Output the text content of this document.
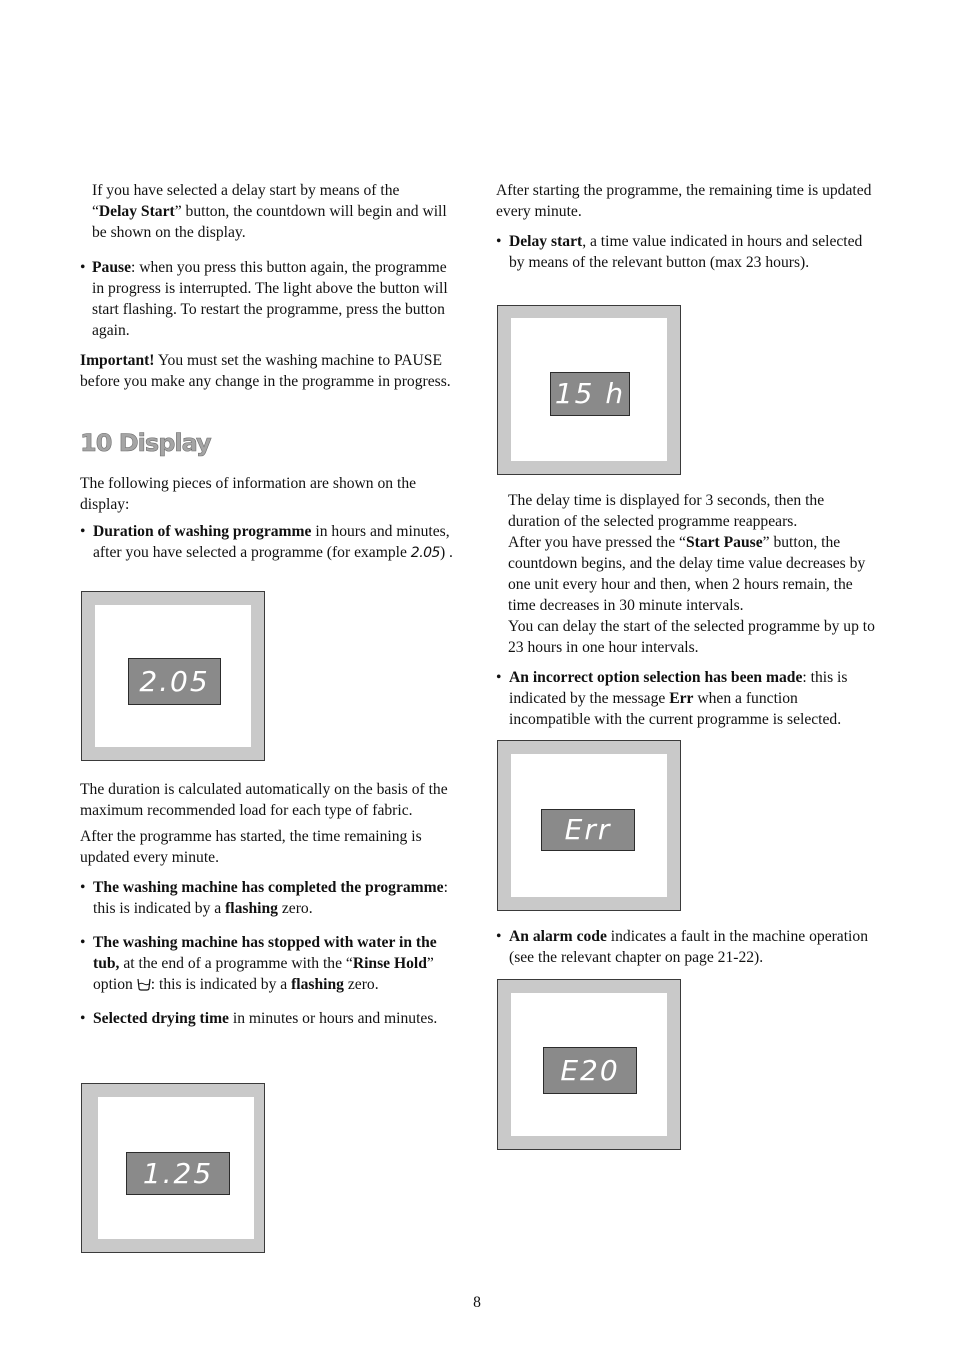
If you have selected a delay start by means of the
“Delay Start” button, the countdown will begin and will be shown on the display.

• Pause: when you press this button again, the programme in progress is interrupted. The light above the button will start flashing. To restart the programme, press the button again.

Important! You must set the washing machine to PAUSE before you make any change in the programme in progress.

10 Display

The following pieces of information are shown on the display:

• Duration of washing programme in hours and minutes, after you have selected a programme (for example 2.05) .

2.05

The duration is calculated automatically on the basis of the maximum recommended load for each type of fabric.

After the programme has started, the time remaining is updated every minute.

• The washing machine has completed the programme: this is indicated by a flashing zero.

• The washing machine has stopped with water in the tub, at the end of a programme with the “Rinse Hold” option : this is indicated by a flashing zero.

• Selected drying time in minutes or hours and minutes.

1.25

After starting the programme, the remaining time is updated every minute.

• Delay start, a time value indicated in hours and selected by means of the relevant button (max 23 hours).

15 h

The delay time is displayed for 3 seconds, then the duration of the selected programme reappears.
After you have pressed the “Start Pause” button, the countdown begins, and the delay time value decreases by one unit every hour and then, when 2 hours remain, the time decreases in 30 minute intervals.
You can delay the start of the selected programme by up to 23 hours in one hour intervals.

• An incorrect option selection has been made: this is indicated by the message Err when a function incompatible with the current programme is selected.

Err

• An alarm code indicates a fault in the machine operation (see the relevant chapter on page 21-22).

E20
8
